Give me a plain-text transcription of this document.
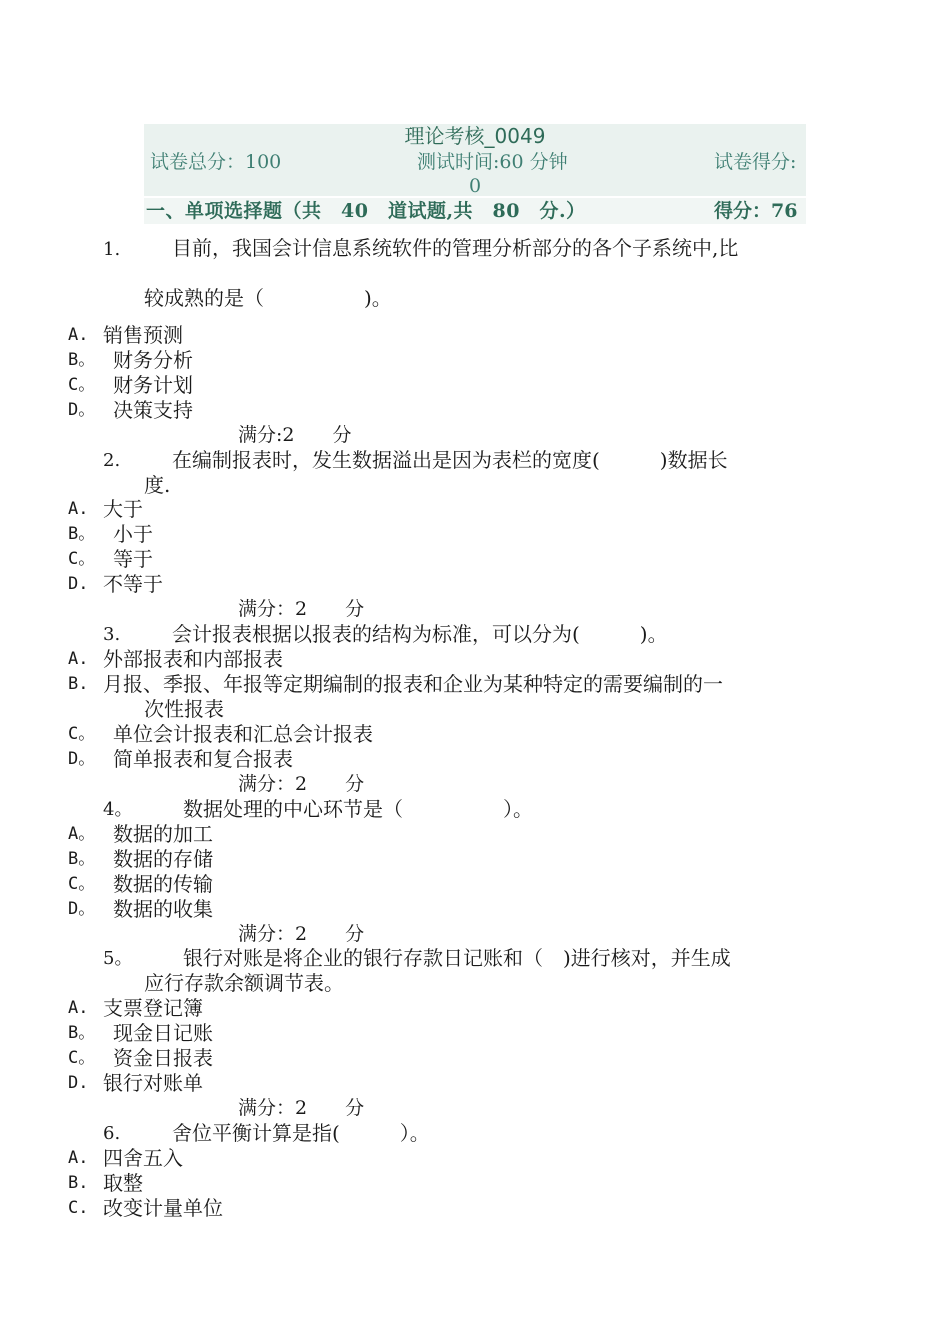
理论考核_0049
试卷总分：100	测试时间:60 分钟	试卷得分:
0
一、单项选择题（共　40　道试题,共　80　分.）	得分：76
1.	目前，我国会计信息系统软件的管理分析部分的各个子系统中,比
较成熟的是（　　　　　)。
A. 销售预测
B。 财务分析
C。 财务计划
D。 决策支持
满分:2　　分
2.	在编制报表时，发生数据溢出是因为表栏的宽度(　　　)数据长
度.
A. 大于
B。 小于
C。 等于
D. 不等于
满分：2　　分
3.	会计报表根据以报表的结构为标准，可以分为(　　　)。
A. 外部报表和内部报表
B. 月报、季报、年报等定期编制的报表和企业为某种特定的需要编制的一
次性报表
C。 单位会计报表和汇总会计报表
D。 简单报表和复合报表
满分：2　　分
4。	数据处理的中心环节是（　　　　　）。
A。 数据的加工
B。 数据的存储
C。 数据的传输
D。 数据的收集
满分：2　　分
5。	银行对账是将企业的银行存款日记账和（　)进行核对，并生成
应行存款余额调节表。
A. 支票登记簿
B。 现金日记账
C。 资金日报表
D. 银行对账单
满分：2　　分
6.	舍位平衡计算是指(　　　）。
A. 四舍五入
B. 取整
C. 改变计量单位
